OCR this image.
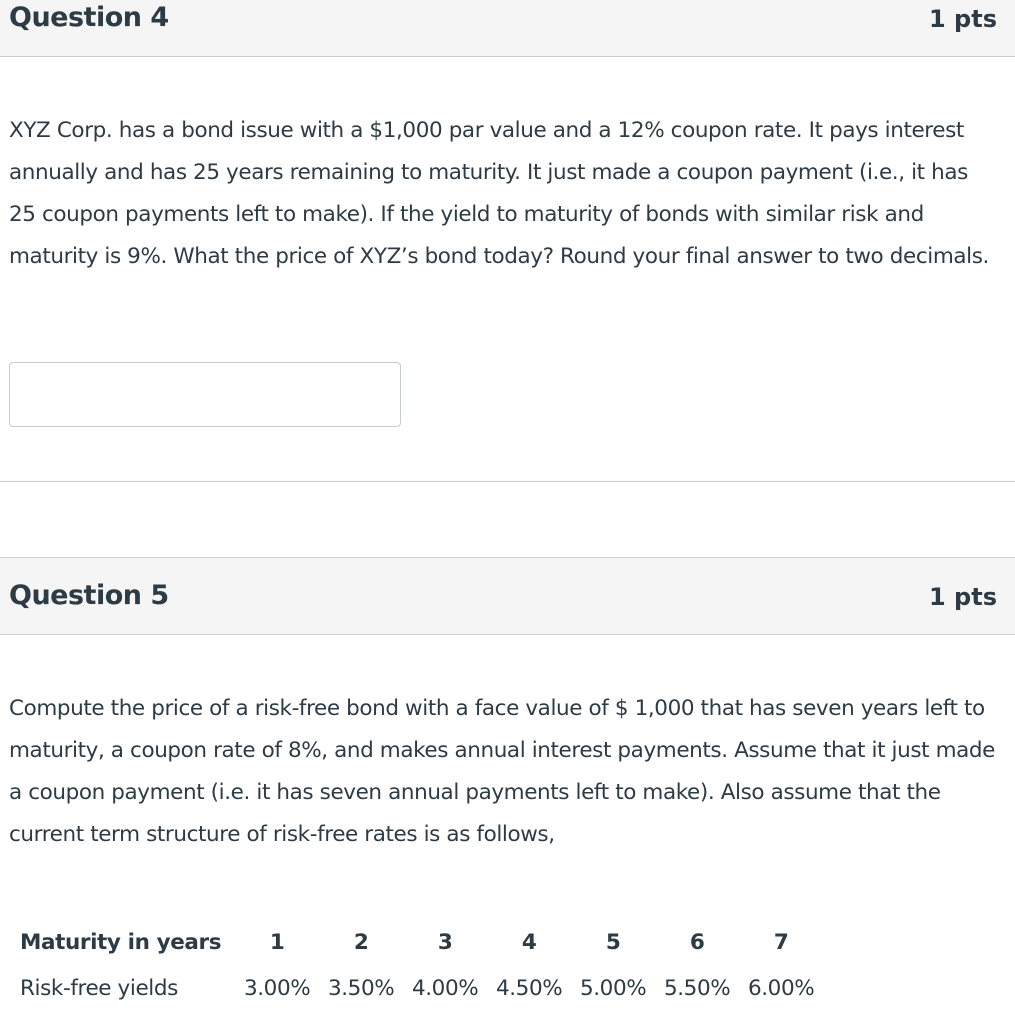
Question 4	1 pts

XYZ Corp. has a bond issue with a $1,000 par value and a 12% coupon rate. It pays interest annually and has 25 years remaining to maturity. It just made a coupon payment (i.e., it has 25 coupon payments left to make). If the yield to maturity of bonds with similar risk and maturity is 9%. What the price of XYZ’s bond today? Round your final answer to two decimals.

Question 5	1 pts

Compute the price of a risk-free bond with a face value of $ 1,000 that has seven years left to maturity, a coupon rate of 8%, and makes annual interest payments. Assume that it just made a coupon payment (i.e. it has seven annual payments left to make). Also assume that the current term structure of risk-free rates is as follows,

Maturity in years	1	2	3	4	5	6	7
Risk-free yields	3.00%	3.50%	4.00%	4.50%	5.00%	5.50%	6.00%
